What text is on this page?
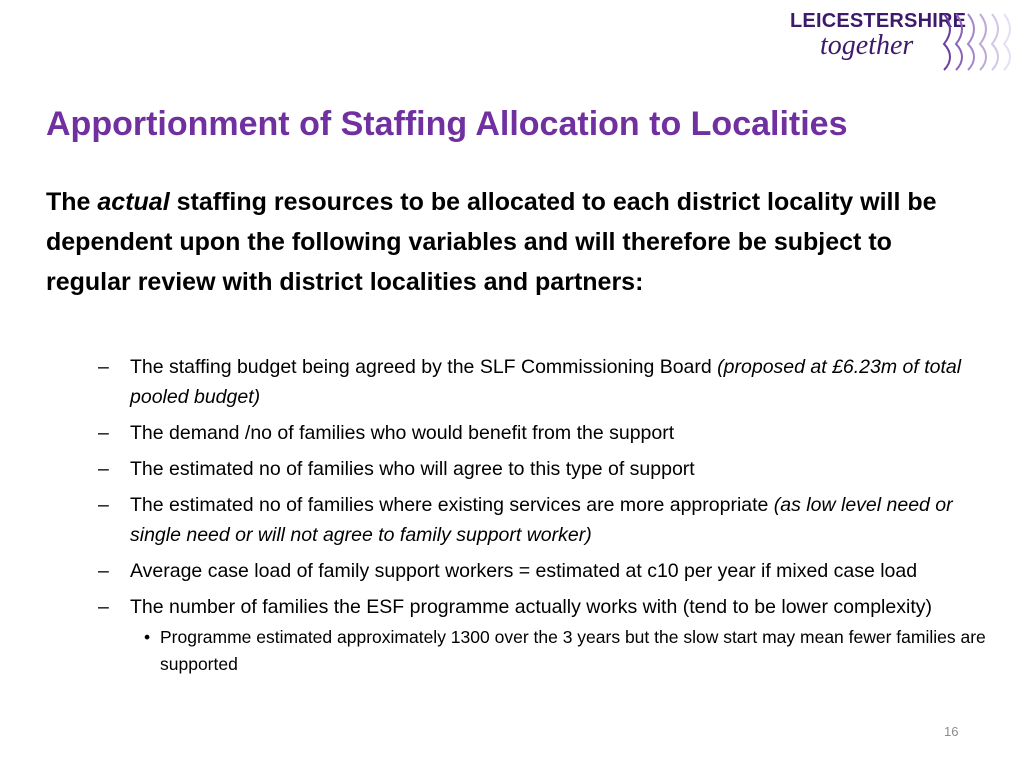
LEICESTERSHIRE
together
Apportionment of Staffing Allocation to Localities
The actual staffing resources to be allocated to each district locality will be dependent upon the following variables and will therefore be subject to regular review with district localities and partners:
– The staffing budget being agreed by the SLF Commissioning Board (proposed at £6.23m of total pooled budget)
– The demand /no of families who would benefit from the support
– The estimated no of families who will agree to this type of support
– The estimated no of families where existing services are more appropriate (as low level need or single need or will not agree to family support worker)
– Average case load of family support workers = estimated at c10 per year if mixed case load
– The number of families the ESF programme actually works with (tend to be lower complexity)
• Programme estimated approximately 1300 over the 3 years but the slow start may mean fewer families are supported
16
